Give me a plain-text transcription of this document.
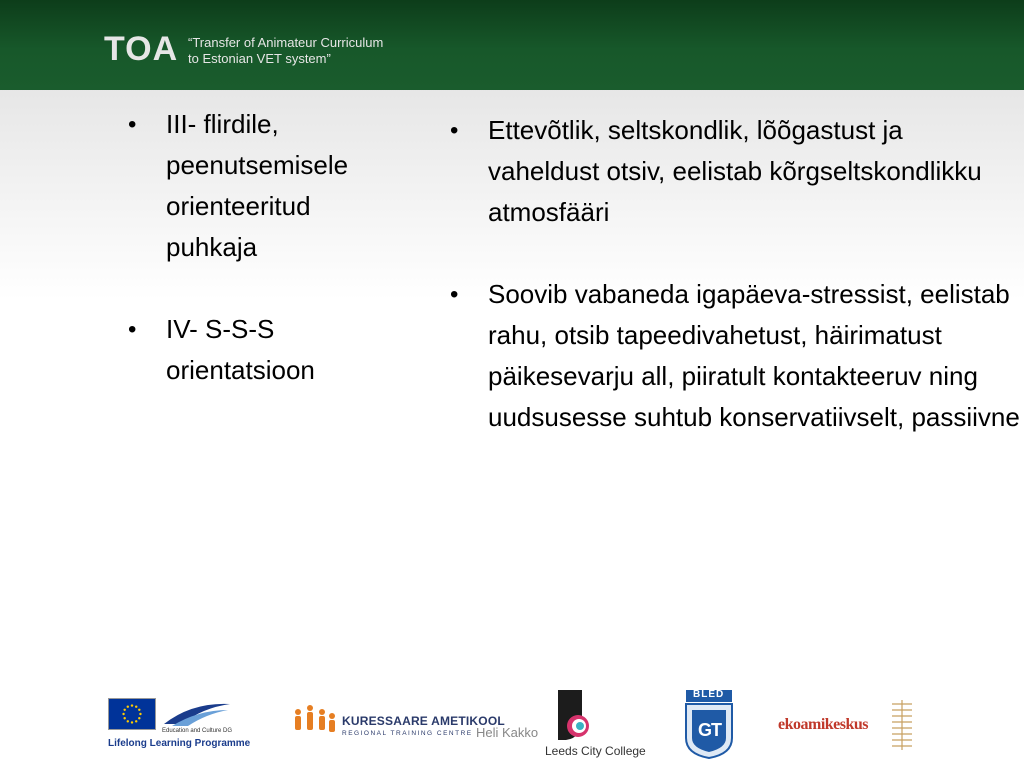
TOA “Transfer of Animateur Curriculum
to Estonian VET system”
• III- flirdile, peenutsemisele orienteeritud puhkaja
• IV- S-S-S orientatsioon
• Ettevõtlik, seltskondlik, lõõgastust ja vaheldust otsiv, eelistab kõrgseltskondlikku atmosfääri
• Soovib vabaneda igapäeva-stressist, eelistab rahu, otsib tapeedivahetust, häirimatust päikesevarju all, piiratult kontakteeruv ning uudsusesse suhtub konservatiivselt, passiivne
Education and Culture DG
Lifelong Learning Programme
KURESSAARE AMETIKOOL
REGIONAL TRAINING CENTRE Heli Kakko
Leeds City College
G
T
BLED
ekoamikeskus
